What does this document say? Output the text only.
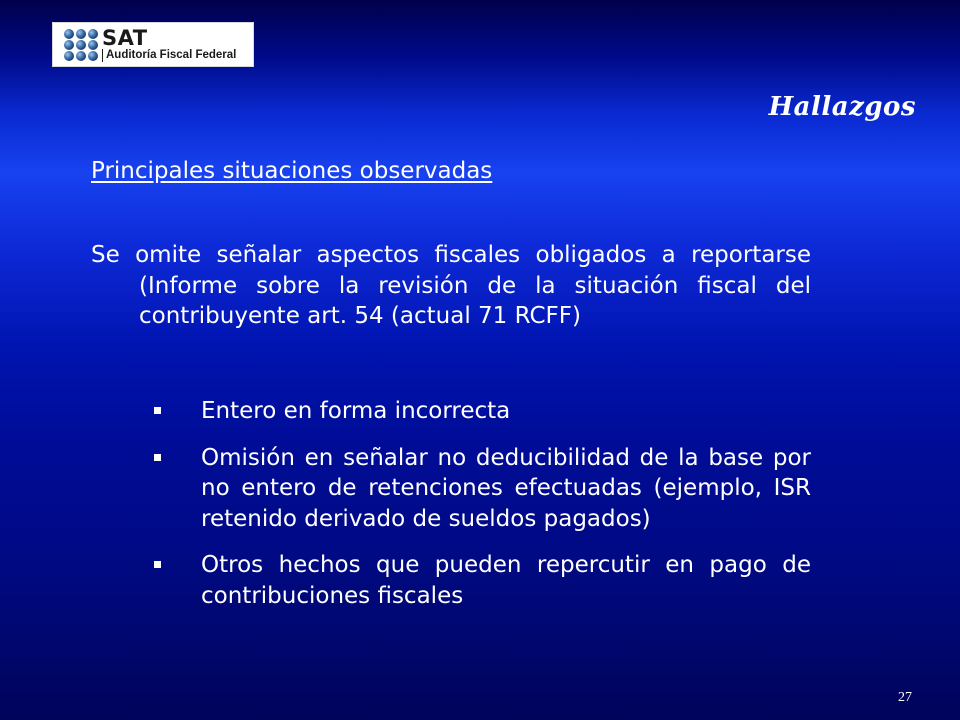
SAT
Auditoría Fiscal Federal
Hallazgos
Principales situaciones observadas

Se omite señalar aspectos fiscales obligados a reportarse (Informe sobre la revisión de la situación fiscal del contribuyente art. 54 (actual 71 RCFF)

Entero en forma incorrecta
Omisión en señalar no deducibilidad de la base por no entero de retenciones efectuadas (ejemplo, ISR retenido derivado de sueldos pagados)
Otros hechos que pueden repercutir en pago de contribuciones fiscales
27
